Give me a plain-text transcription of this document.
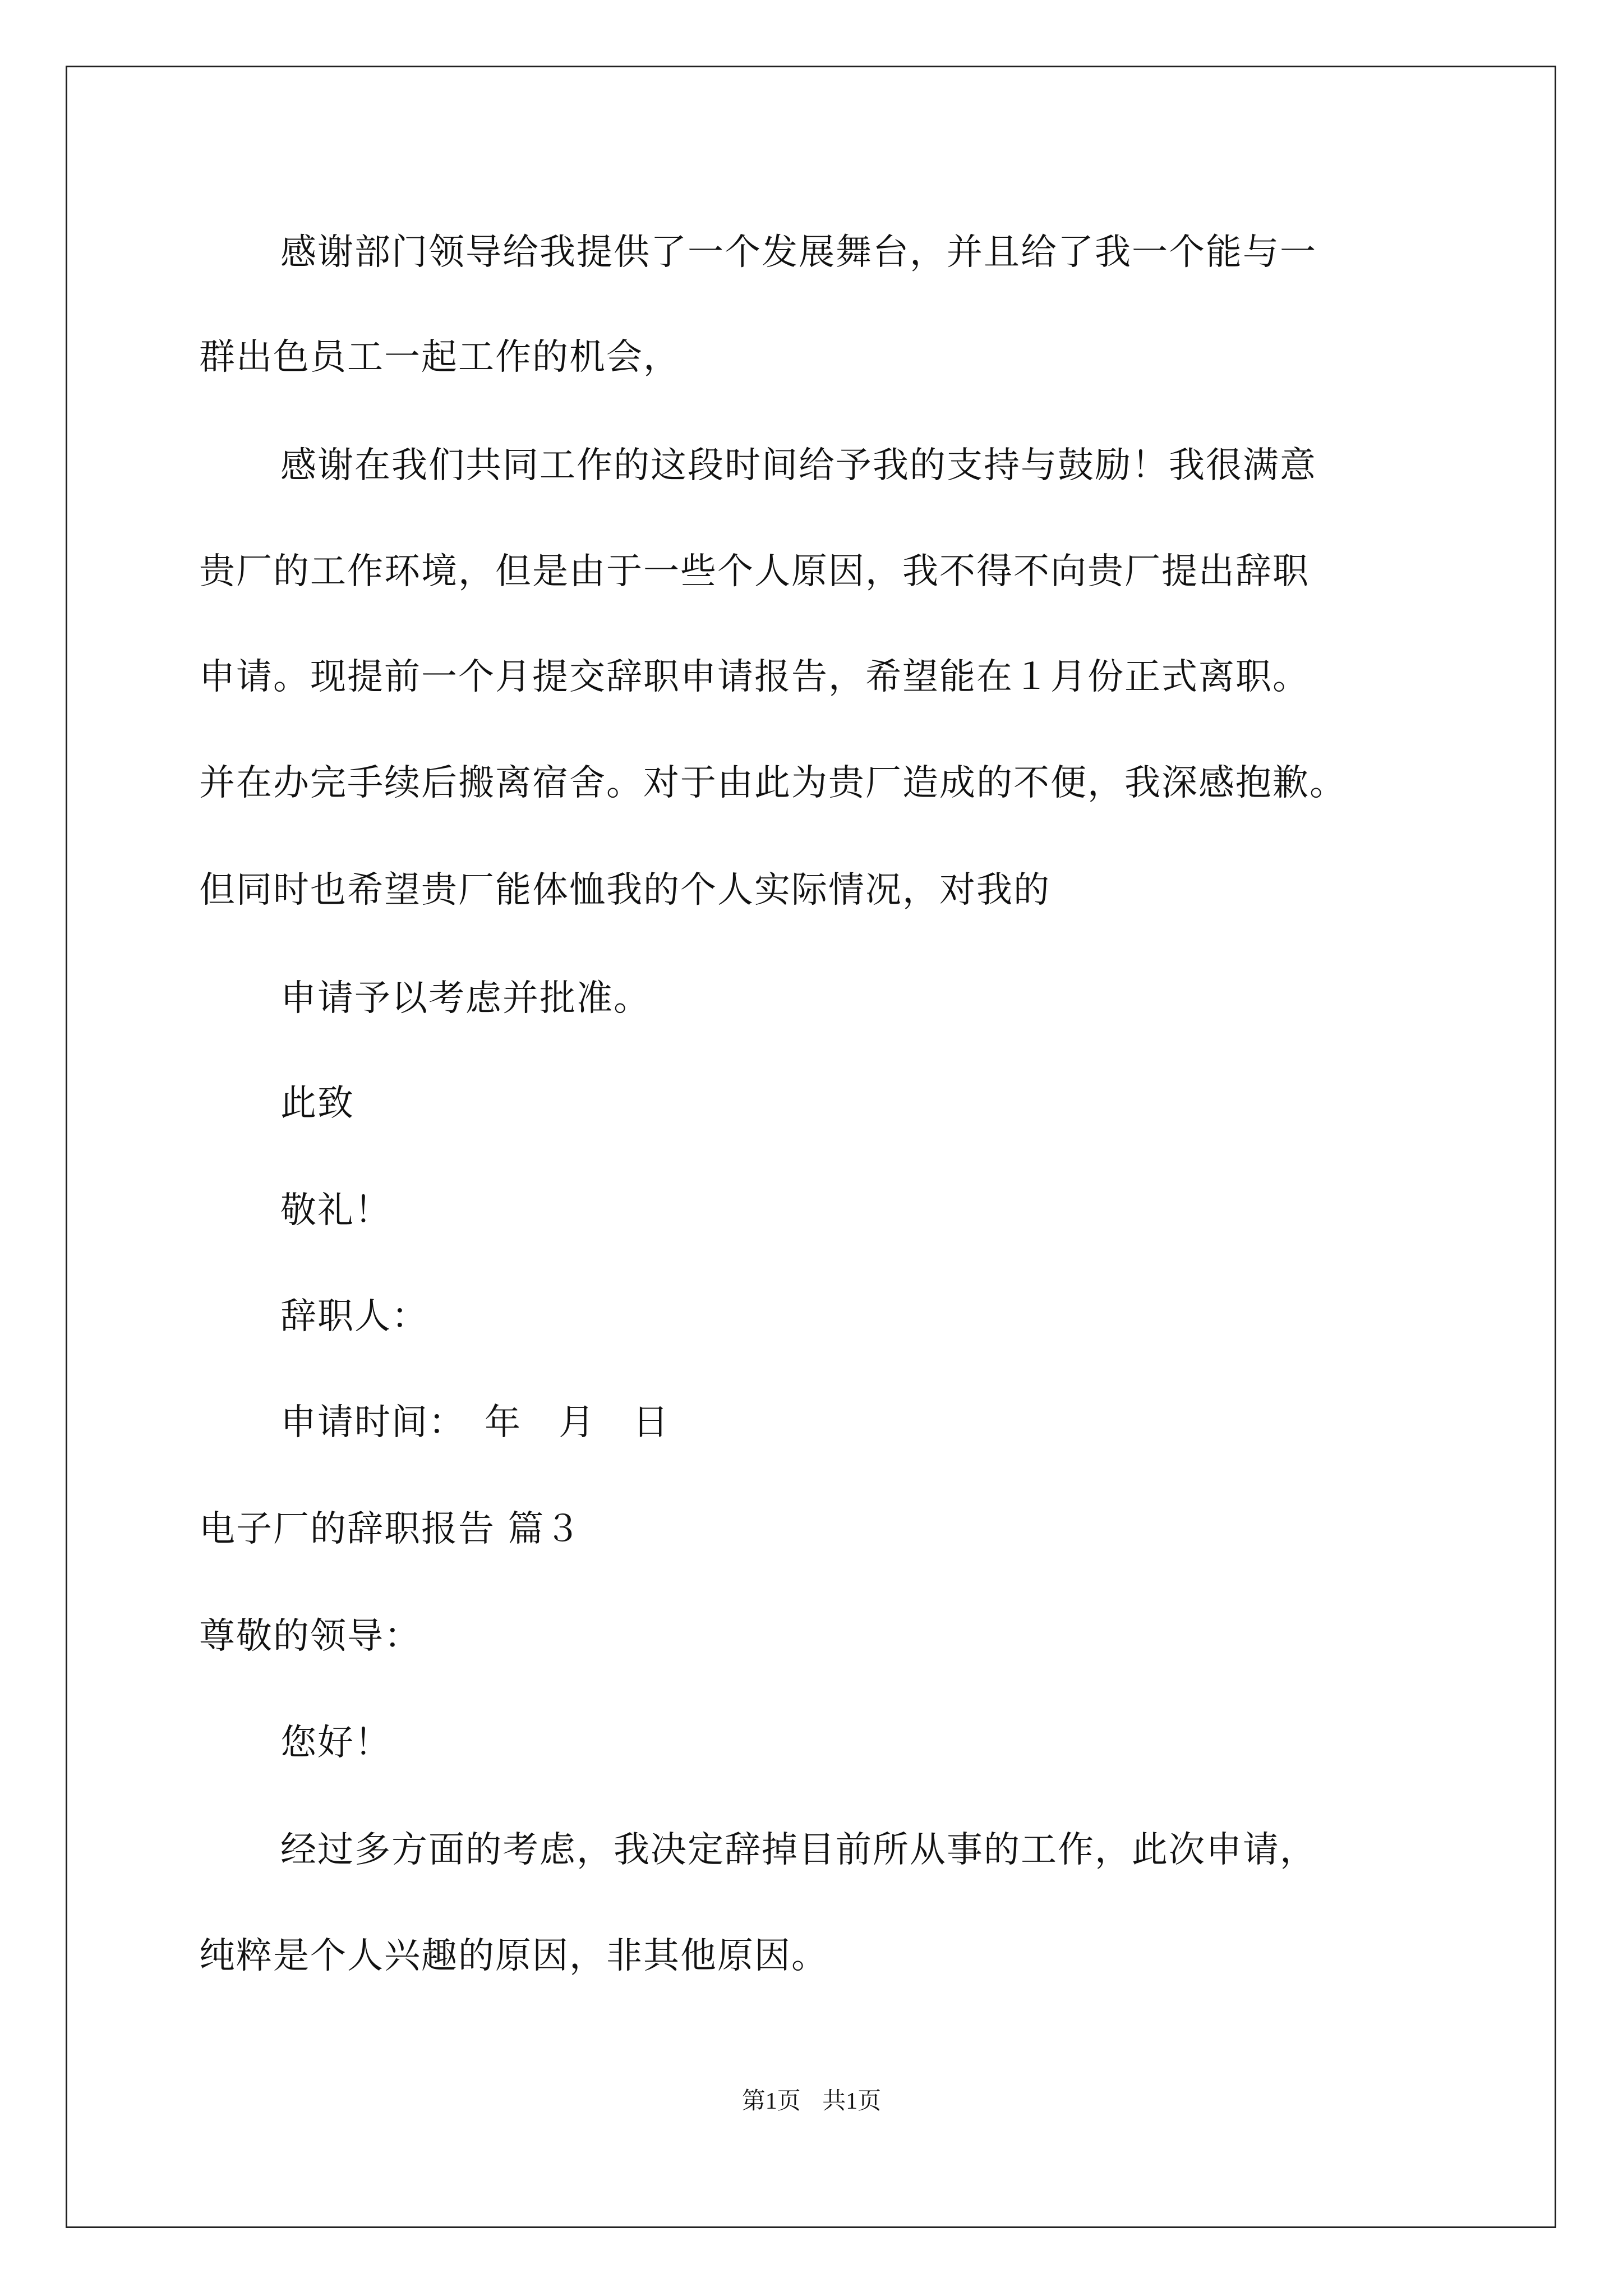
感谢部门领导给我提供了一个发展舞台，并且给了我一个能与一
群出色员工一起工作的机会，
感谢在我们共同工作的这段时间给予我的支持与鼓励！我很满意
贵厂的工作环境，但是由于一些个人原因，我不得不向贵厂提出辞职
申请。现提前一个月提交辞职申请报告，希望能在１月份正式离职。
并在办完手续后搬离宿舍。对于由此为贵厂造成的不便，我深感抱歉。
但同时也希望贵厂能体恤我的个人实际情况，对我的
申请予以考虑并批准。
此致
敬礼！
辞职人：
申请时间：　年　月　日
电子厂的辞职报告 篇３
尊敬的领导：
您好！
经过多方面的考虑，我决定辞掉目前所从事的工作，此次申请，
纯粹是个人兴趣的原因，非其他原因。
第1页 共1页
